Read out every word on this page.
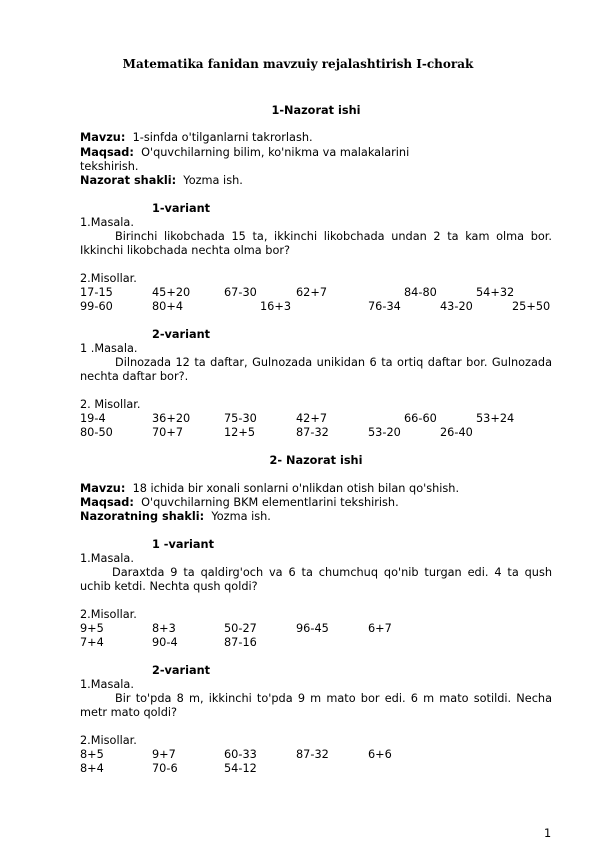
Matematika fanidan mavzuiy rejalashtirish I-chorak
1-Nazorat ishi
Mavzu: 1-sinfda o'tilganlarni takrorlash.
Maqsad: O'quvchilarning bilim, ko'nikma va malakalarini
tekshirish.
Nazorat shakli: Yozma ish.
1-variant
1.Masala.
Birinchi likobchada 15 ta, ikkinchi likobchada undan 2 ta kam olma bor. Ikkinchi likobchada nechta olma bor?
2.Misollar.
17-15	45+20	67-30	62+7	84-80	54+32
99-60	80+4	16+3	76-34	43-20	25+50
2-variant
1 .Masala.
Dilnozada 12 ta daftar, Gulnozada unikidan 6 ta ortiq daftar bor. Gulnozada nechta daftar bor?.
2. Misollar.
19-4	36+20	75-30	42+7	66-60	53+24
80-50	70+7	12+5	87-32	53-20	26-40
2- Nazorat ishi
Mavzu: 18 ichida bir xonali sonlarni o'nlikdan otish bilan qo'shish.
Maqsad: O'quvchilarning BKM elementlarini tekshirish.
Nazoratning shakli: Yozma ish.
1 -variant
1.Masala.
Daraxtda 9 ta qaldirg'och va 6 ta chumchuq qo'nib turgan edi. 4 ta qush uchib ketdi. Nechta qush qoldi?
2.Misollar.
9+5	8+3	50-27	96-45	6+7
7+4	90-4	87-16
2-variant
1.Masala.
Bir to'pda 8 m, ikkinchi to'pda 9 m mato bor edi. 6 m mato sotildi. Necha metr mato qoldi?
2.Misollar.
8+5	9+7	60-33	87-32	6+6
8+4	70-6	54-12
1
